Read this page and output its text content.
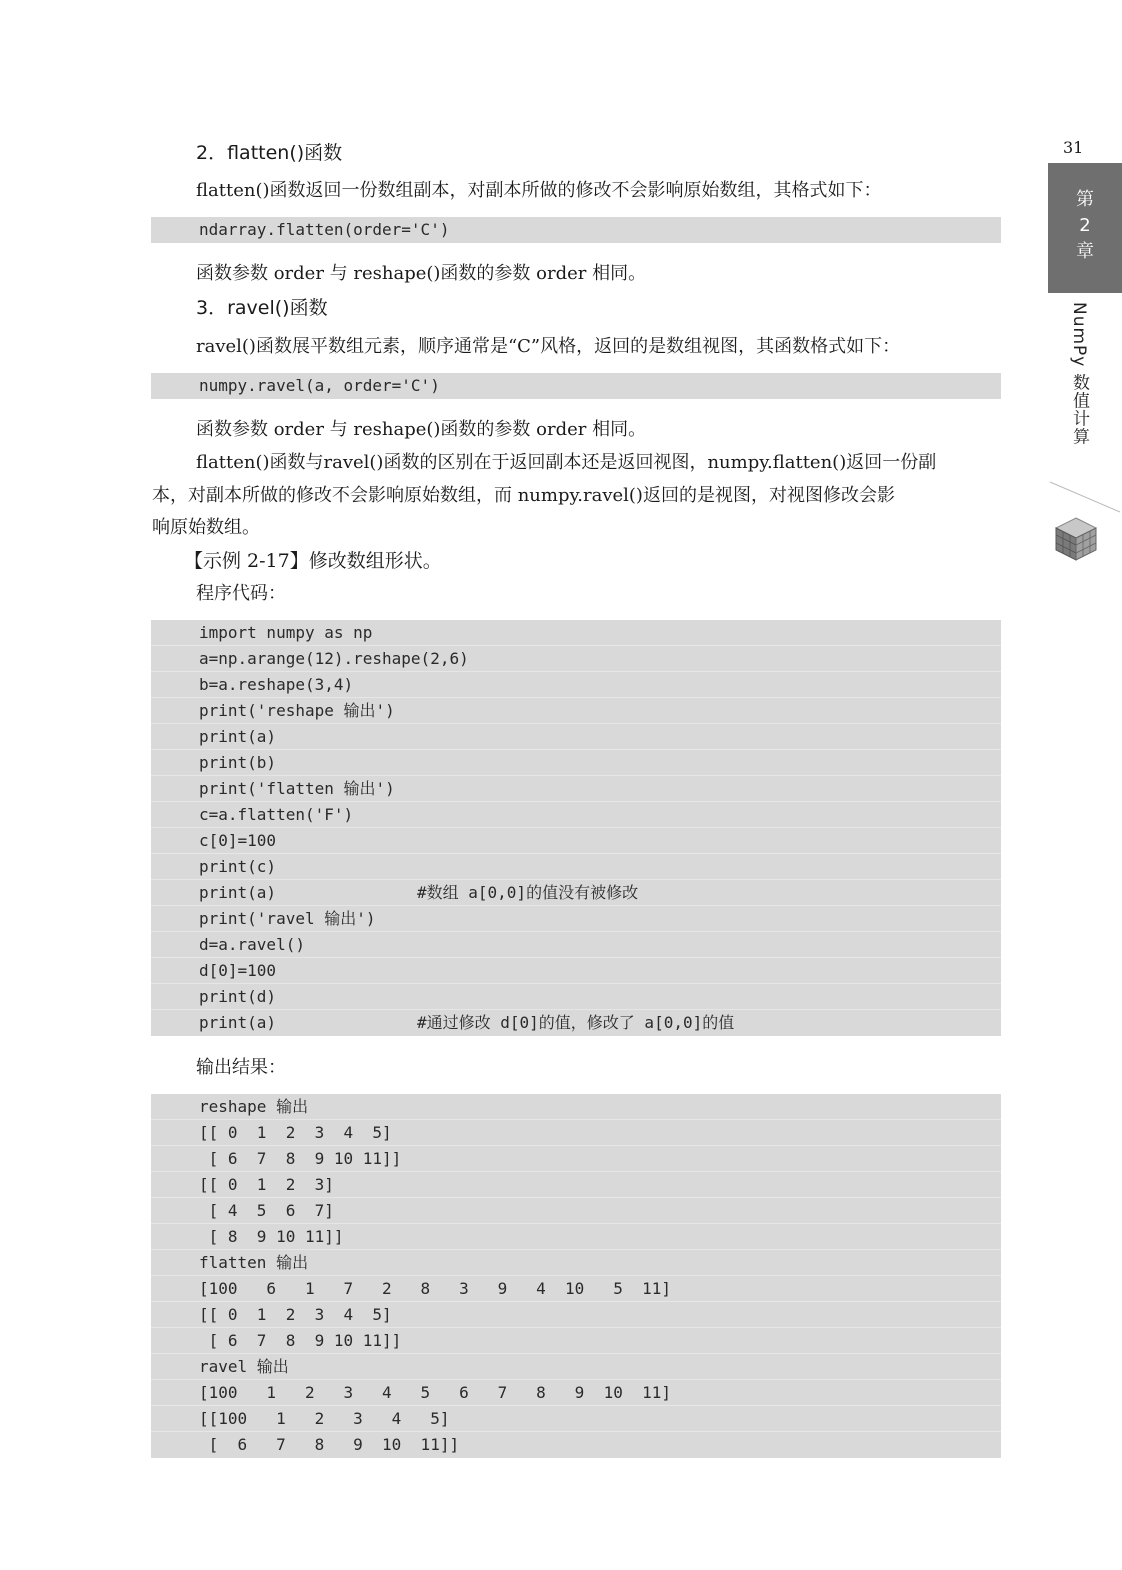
31
第
2
章
NumPy 数值计算
2．flatten()函数
flatten()函数返回一份数组副本，对副本所做的修改不会影响原始数组，其格式如下：
ndarray.flatten(order='C')
函数参数 order 与 reshape()函数的参数 order 相同。
3．ravel()函数
ravel()函数展平数组元素，顺序通常是“C”风格，返回的是数组视图，其函数格式如下：
numpy.ravel(a, order='C')
函数参数 order 与 reshape()函数的参数 order 相同。
flatten()函数与ravel()函数的区别在于返回副本还是返回视图，numpy.flatten()返回一份副
本，对副本所做的修改不会影响原始数组，而 numpy.ravel()返回的是视图，对视图修改会影
响原始数组。
【示例 2-17】修改数组形状。
程序代码：
import numpy as np
a=np.arange(12).reshape(2,6)
b=a.reshape(3,4)
print('reshape 输出')
print(a)
print(b)
print('flatten 输出')
c=a.flatten('F')
c[0]=100
print(c)
print(a)	#数组 a[0,0]的值没有被修改
print('ravel 输出')
d=a.ravel()
d[0]=100
print(d)
print(a)	#通过修改 d[0]的值，修改了 a[0,0]的值
输出结果：
reshape 输出
[[ 0  1  2  3  4  5]
[ 6  7  8  9 10 11]]
[[ 0  1  2  3]
[ 4  5  6  7]
[ 8  9 10 11]]
flatten 输出
[100   6   1   7   2   8   3   9   4  10   5  11]
[[ 0  1  2  3  4  5]
[ 6  7  8  9 10 11]]
ravel 输出
[100   1   2   3   4   5   6   7   8   9  10  11]
[[100   1   2   3   4   5]
[  6   7   8   9  10  11]]
